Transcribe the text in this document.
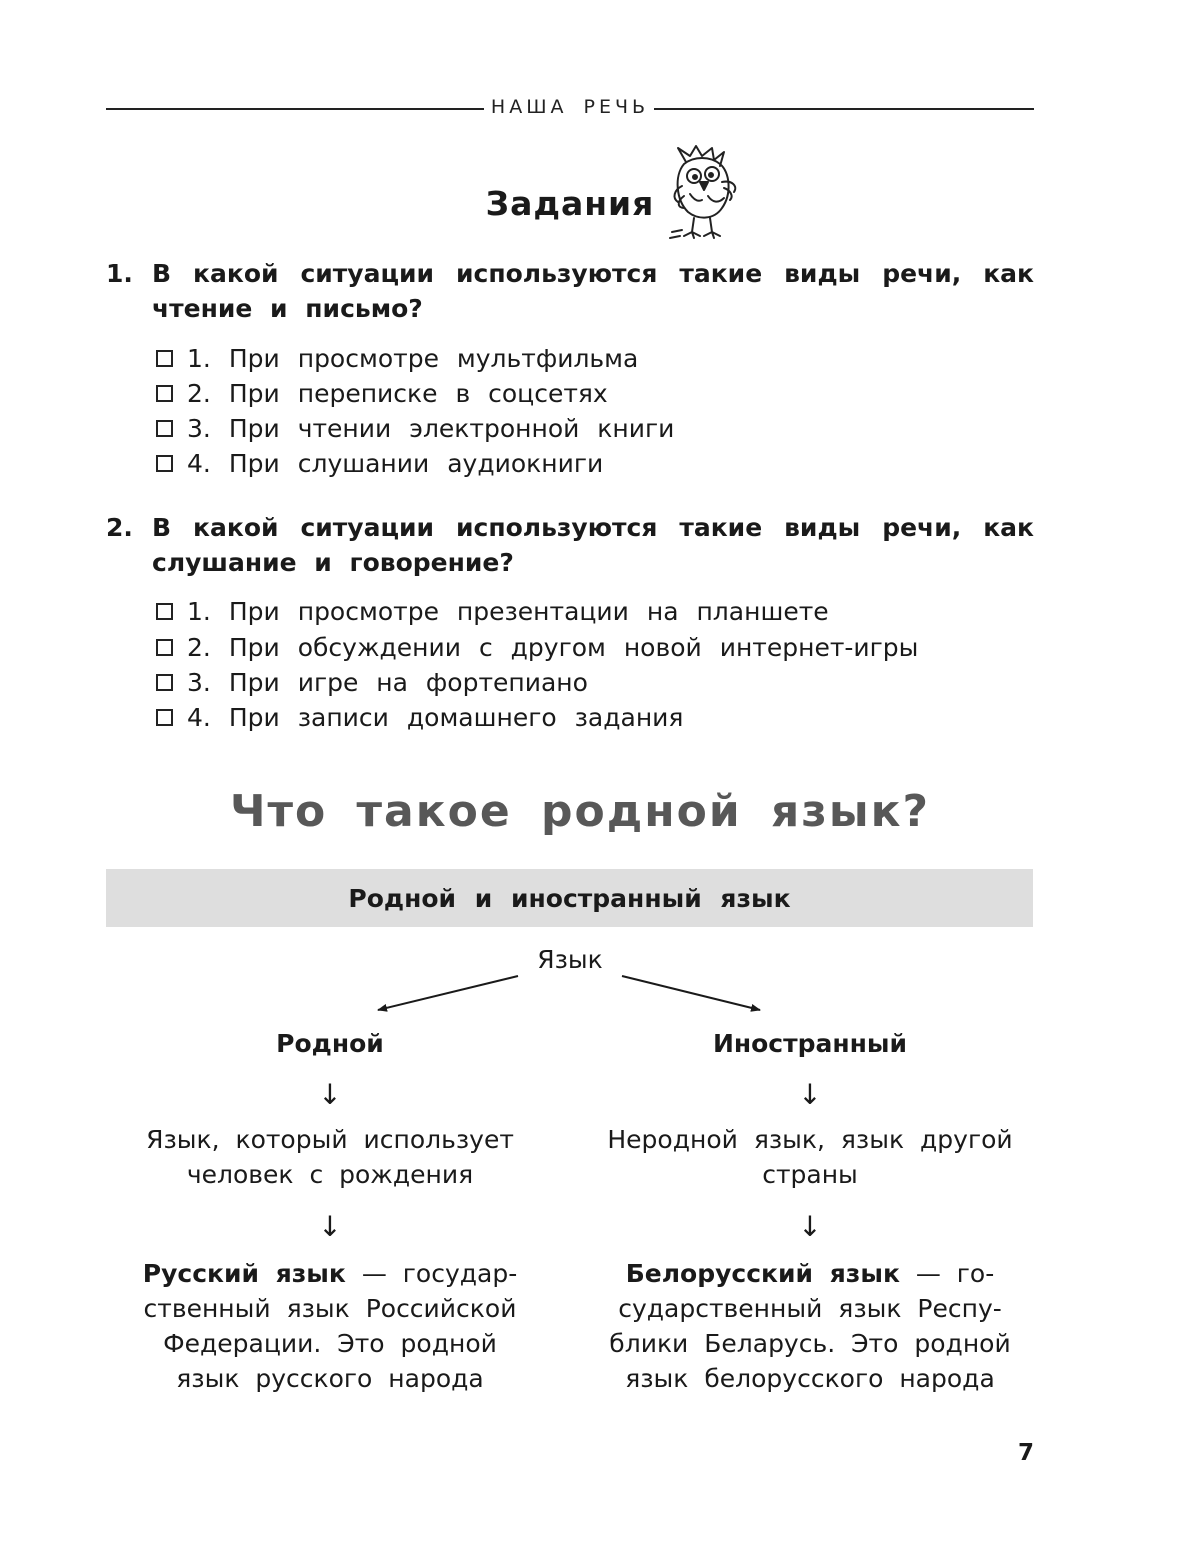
НАША РЕЧЬ
Задания
1. В какой ситуации используются такие виды речи, как
чтение и письмо?
1. При просмотре мультфильма
2. При переписке в соцсетях
3. При чтении электронной книги
4. При слушании аудиокниги
2. В какой ситуации используются такие виды речи, как
слушание и говорение?
1. При просмотре презентации на планшете
2. При обсуждении с другом новой интернет-игры
3. При игре на фортепиано
4. При записи домашнего задания
Что такое родной язык?
Родной и иностранный язык
Язык
Родной
↓
Язык, который использует
человек с рождения
↓
Русский язык — государ-
ственный язык Российской
Федерации. Это родной
язык русского народа
Иностранный
↓
Неродной язык, язык другой
страны
↓
Белорусский язык — го-
сударственный язык Респу-
блики Беларусь. Это родной
язык белорусского народа
7
